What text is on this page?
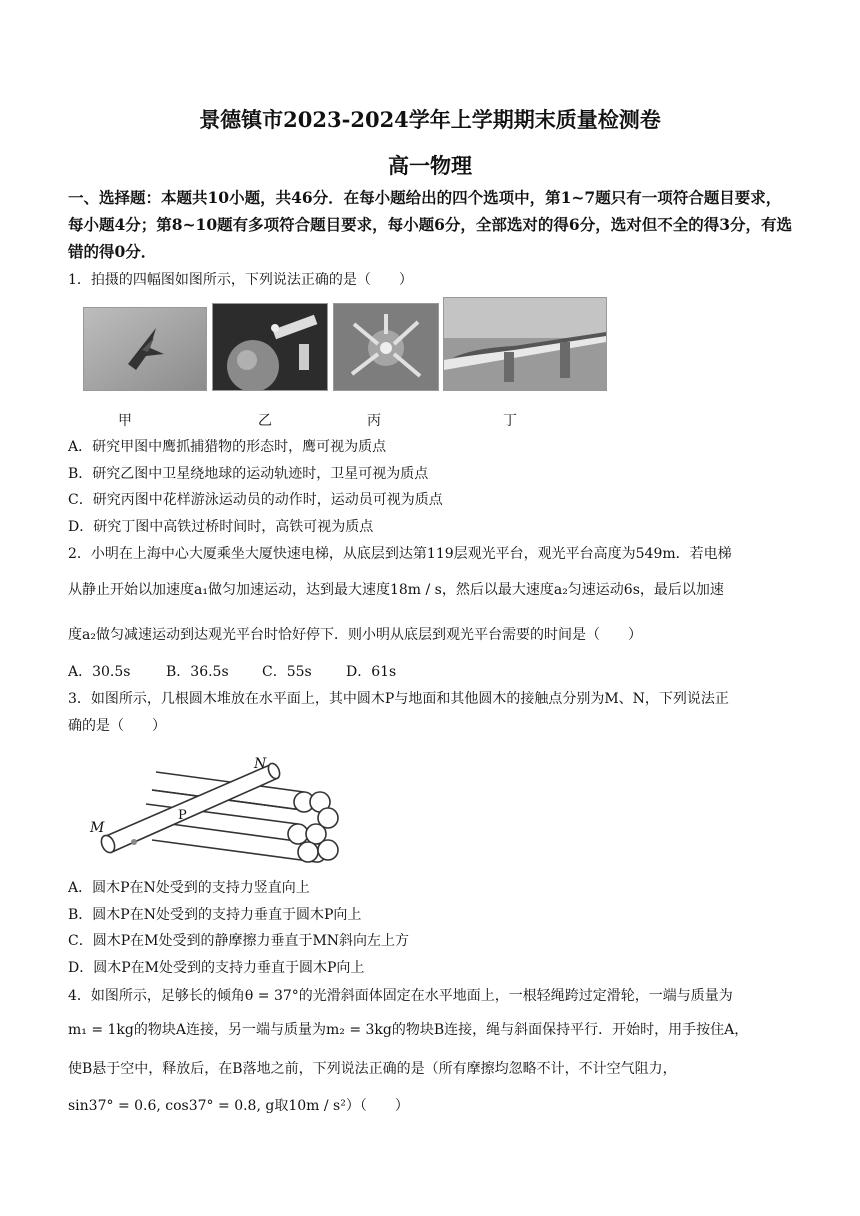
景德镇市2023-2024学年上学期期末质量检测卷
高一物理
一、选择题：本题共10小题，共46分．在每小题给出的四个选项中，第1~7题只有一项符合题目要求，每小题4分；第8~10题有多项符合题目要求，每小题6分，全部选对的得6分，选对但不全的得3分，有选错的得0分．
1．拍摄的四幅图如图所示，下列说法正确的是（　　）
甲	乙	丙	丁
A．研究甲图中鹰抓捕猎物的形态时，鹰可视为质点
B．研究乙图中卫星绕地球的运动轨迹时，卫星可视为质点
C．研究丙图中花样游泳运动员的动作时，运动员可视为质点
D．研究丁图中高铁过桥时间时，高铁可视为质点
2．小明在上海中心大厦乘坐大厦快速电梯，从底层到达第119层观光平台，观光平台高度为549m．若电梯
从静止开始以加速度a₁做匀加速运动，达到最大速度18m / s，然后以最大速度a₂匀速运动6s，最后以加速
度a₂做匀减速运动到达观光平台时恰好停下．则小明从底层到观光平台需要的时间是（　　）
A．30.5s	B．36.5s C．55s D．61s
3．如图所示，几根圆木堆放在水平面上，其中圆木P与地面和其他圆木的接触点分别为M、N，下列说法正
确的是（　　）
M
N
P
A．圆木P在N处受到的支持力竖直向上
B．圆木P在N处受到的支持力垂直于圆木P向上
C．圆木P在M处受到的静摩擦力垂直于MN斜向左上方
D．圆木P在M处受到的支持力垂直于圆木P向上
4．如图所示，足够长的倾角θ = 37°的光滑斜面体固定在水平地面上，一根轻绳跨过定滑轮，一端与质量为
m₁ = 1kg的物块A连接，另一端与质量为m₂ = 3kg的物块B连接，绳与斜面保持平行．开始时，用手按住A，
使B悬于空中，释放后，在B落地之前，下列说法正确的是（所有摩擦均忽略不计，不计空气阻力，
sin37° = 0.6, cos37° = 0.8, g取10m / s²）（　　）
